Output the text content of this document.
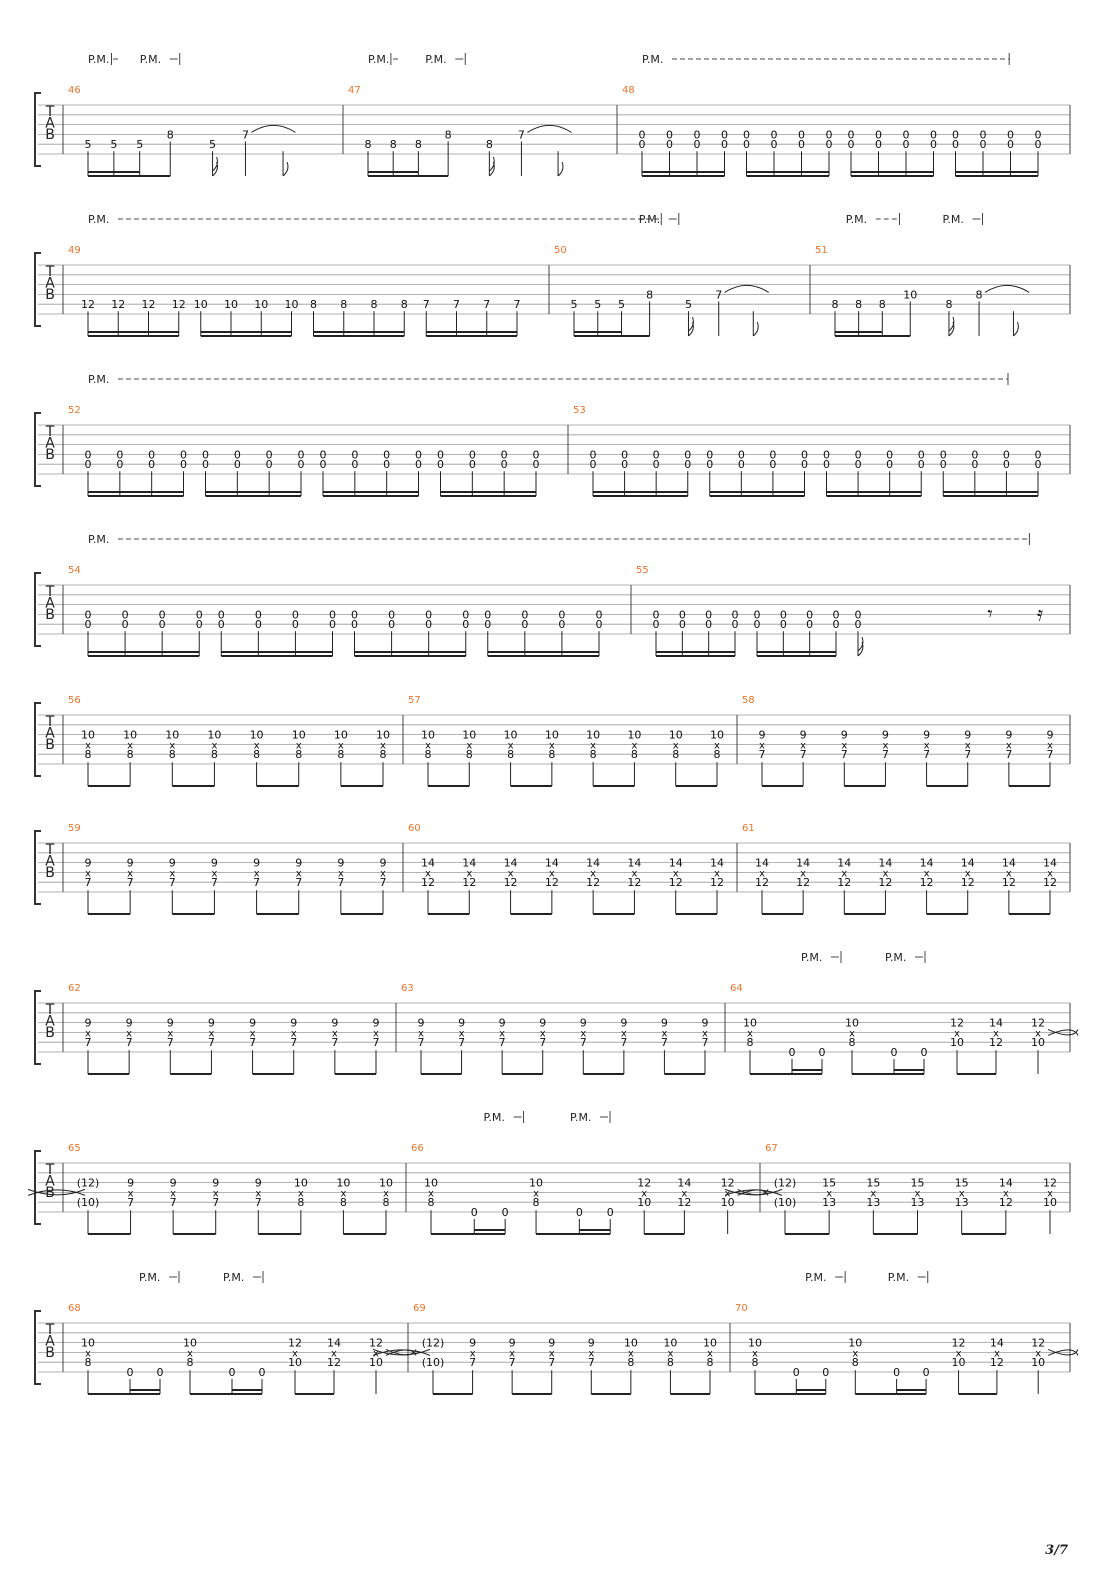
T
A
B
46
5 5 5
8
5
7
47
8 8 8
8
8
7
48
0
0
0
0
0
0
0
0
0
0
0
0
0
0
0
0
0
0
0
0
0
0
0
0
0
0
0
0
0
0
0
0
P.M.	P.M.	P.M.	P.M.	P.M.
T
A
B
49
12 12 12 12 10 10 10 10 8 8 8 8 7 7 7 7
50
5 5 5
8
5
7
51
8 8 8
10
8
8
P.M.	P.M.	P.M.	P.M.
T
A
B
52
0
0
0
0
0
0
0
0
0
0
0
0
0
0
0
0
0
0
0
0
0
0
0
0
0
0
0
0
0
0
0
0
53
0
0
0
0
0
0
0
0
0
0
0
0
0
0
0
0
0
0
0
0
0
0
0
0
0
0
0
0
0
0
0
0
P.M.
T
A
B
54
0
0
0
0
0
0
0
0
0
0
0
0
0
0
0
0
0
0
0
0
0
0
0
0
0
0
0
0
0
0
0
0
55
0
0
0
0
0
0
0
0
0
0
0
0
0
0
0
0
0
0	𝄾 𝄿
P.M.
T
A
B
56
10
x
8
10
x
8
10
x
8
10
x
8
10
x
8
10
x
8
10
x
8
10
x
8
57
10
x
8
10
x
8
10
x
8
10
x
8
10
x
8
10
x
8
10
x
8
10
x
8
58
9
x
7
9
x
7
9
x
7
9
x
7
9
x
7
9
x
7
9
x
7
9
x
7
T
A
B
59
9
x
7
9
x
7
9
x
7
9
x
7
9
x
7
9
x
7
9
x
7
9
x
7
60
14
x
12
14
x
12
14
x
12
14
x
12
14
x
12
14
x
12
14
x
12
14
x
12
61
14
x
12
14
x
12
14
x
12
14
x
12
14
x
12
14
x
12
14
x
12
14
x
12
T
A
B
62
9
x
7
9
x
7
9
x
7
9
x
7
9
x
7
9
x
7
9
x
7
9
x
7
63
9
x
7
9
x
7
9
x
7
9
x
7
9
x
7
9
x
7
9
x
7
9
x
7
64
10
x
8
0 0
10
x
8
0 0
12
x
10
14
x
12
12
x
10
P.M.	P.M.
T
A
B
65
(12)
(10)
9
x
7
9
x
7
9
x
7
9
x
7
10
x
8
10
x
8
10
x
8
66
10
x
8
0 0
10
x
8
0 0
12
x
10
14
x
12
12
x
10
67
(12)
(10)
15
x
13
15
x
13
15
x
13
15
x
13
14
x
12
12
x
10
P.M.	P.M.
T
A
B
68
10
x
8
0 0
10
x
8
0 0
12
x
10
14
x
12
12
x
10
69
(12)
(10)
9
x
7
9
x
7
9
x
7
9
x
7
10
x
8
10
x
8
10
x
8
70
10
x
8
0 0
10
x
8
0 0
12
x
10
14
x
12
12
x
10
P.M.	P.M.	P.M.	P.M.
3/7
